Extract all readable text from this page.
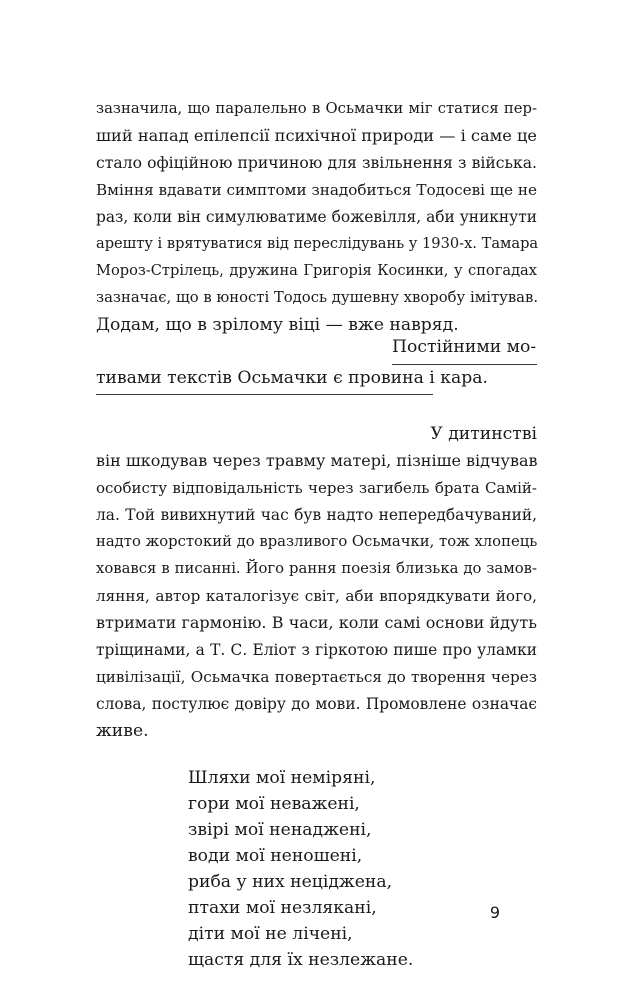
зазначила, що паралельно в Осьмачки міг статися пер-
ший напад епілепсії психічної природи — і саме це
стало офіційною причиною для звільнення з війська.
Вміння вдавати симптоми знадобиться Тодосеві ще не
раз, коли він симулюватиме божевілля, аби уникнути
арешту і врятуватися від переслідувань у 1930-х. Тамара
Мороз-Стрілець, дружина Григорія Косинки, у спогадах
зазначає, що в юності Тодось душевну хворобу імітував.
Додам, що в зрілому віці — вже навряд.
Постійними мо-
тивами текстів Осьмачки є провина і кара.
У дитинстві
він шкодував через травму матері, пізніше відчував
особисту відповідальність через загибель брата Самій-
ла. Той вивихнутий час був надто непередбачуваний,
надто жорстокий до вразливого Осьмачки, тож хлопець
ховався в писанні. Його рання поезія близька до замов-
ляння, автор каталогізує світ, аби впорядкувати його,
втримати гармонію. В часи, коли самі основи йдуть
тріщинами, а Т. С. Еліот з гіркотою пише про уламки
цивілізації, Осьмачка повертається до творення через
слова, постулює довіру до мови. Промовлене означає
живе.
Шляхи мої неміряні,
гори мої неважені,
звірі мої ненаджені,
води мої неношені,
риба у них неціджена,
птахи мої незлякані,
діти мої не лічені,
щастя для їх незлежане.
9
